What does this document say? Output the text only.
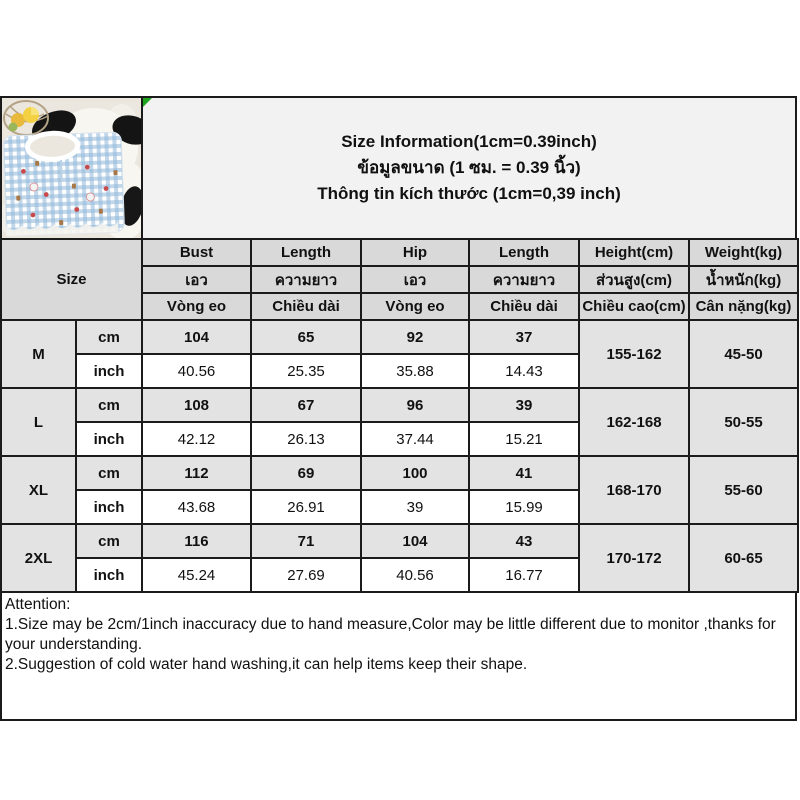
Size Information(1cm=0.39inch)
ข้อมูลขนาด (1 ซม. = 0.39 นิ้ว)
Thông tin kích thước (1cm=0,39 inch)
Size		Bust	Length	Hip	Length	Height(cm)	Weight(kg)
		เอว	ความยาว	เอว	ความยาว	ส่วนสูง(cm)	น้ำหนัก(kg)
		Vòng eo	Chiều dài	Vòng eo	Chiều dài	Chiều cao(cm)	Cân nặng(kg)
M	cm	104	65	92	37	155-162	45-50
	inch	40.56	25.35	35.88	14.43		
L	cm	108	67	96	39	162-168	50-55
	inch	42.12	26.13	37.44	15.21		
XL	cm	112	69	100	41	168-170	55-60
	inch	43.68	26.91	39	15.99		
2XL	cm	116	71	104	43	170-172	60-65
	inch	45.24	27.69	40.56	16.77		
Attention:
1.Size may be 2cm/1inch inaccuracy due to hand measure,Color may be little different due to monitor ,thanks for your understanding.
2.Suggestion of cold water hand washing,it can help items keep their shape.
